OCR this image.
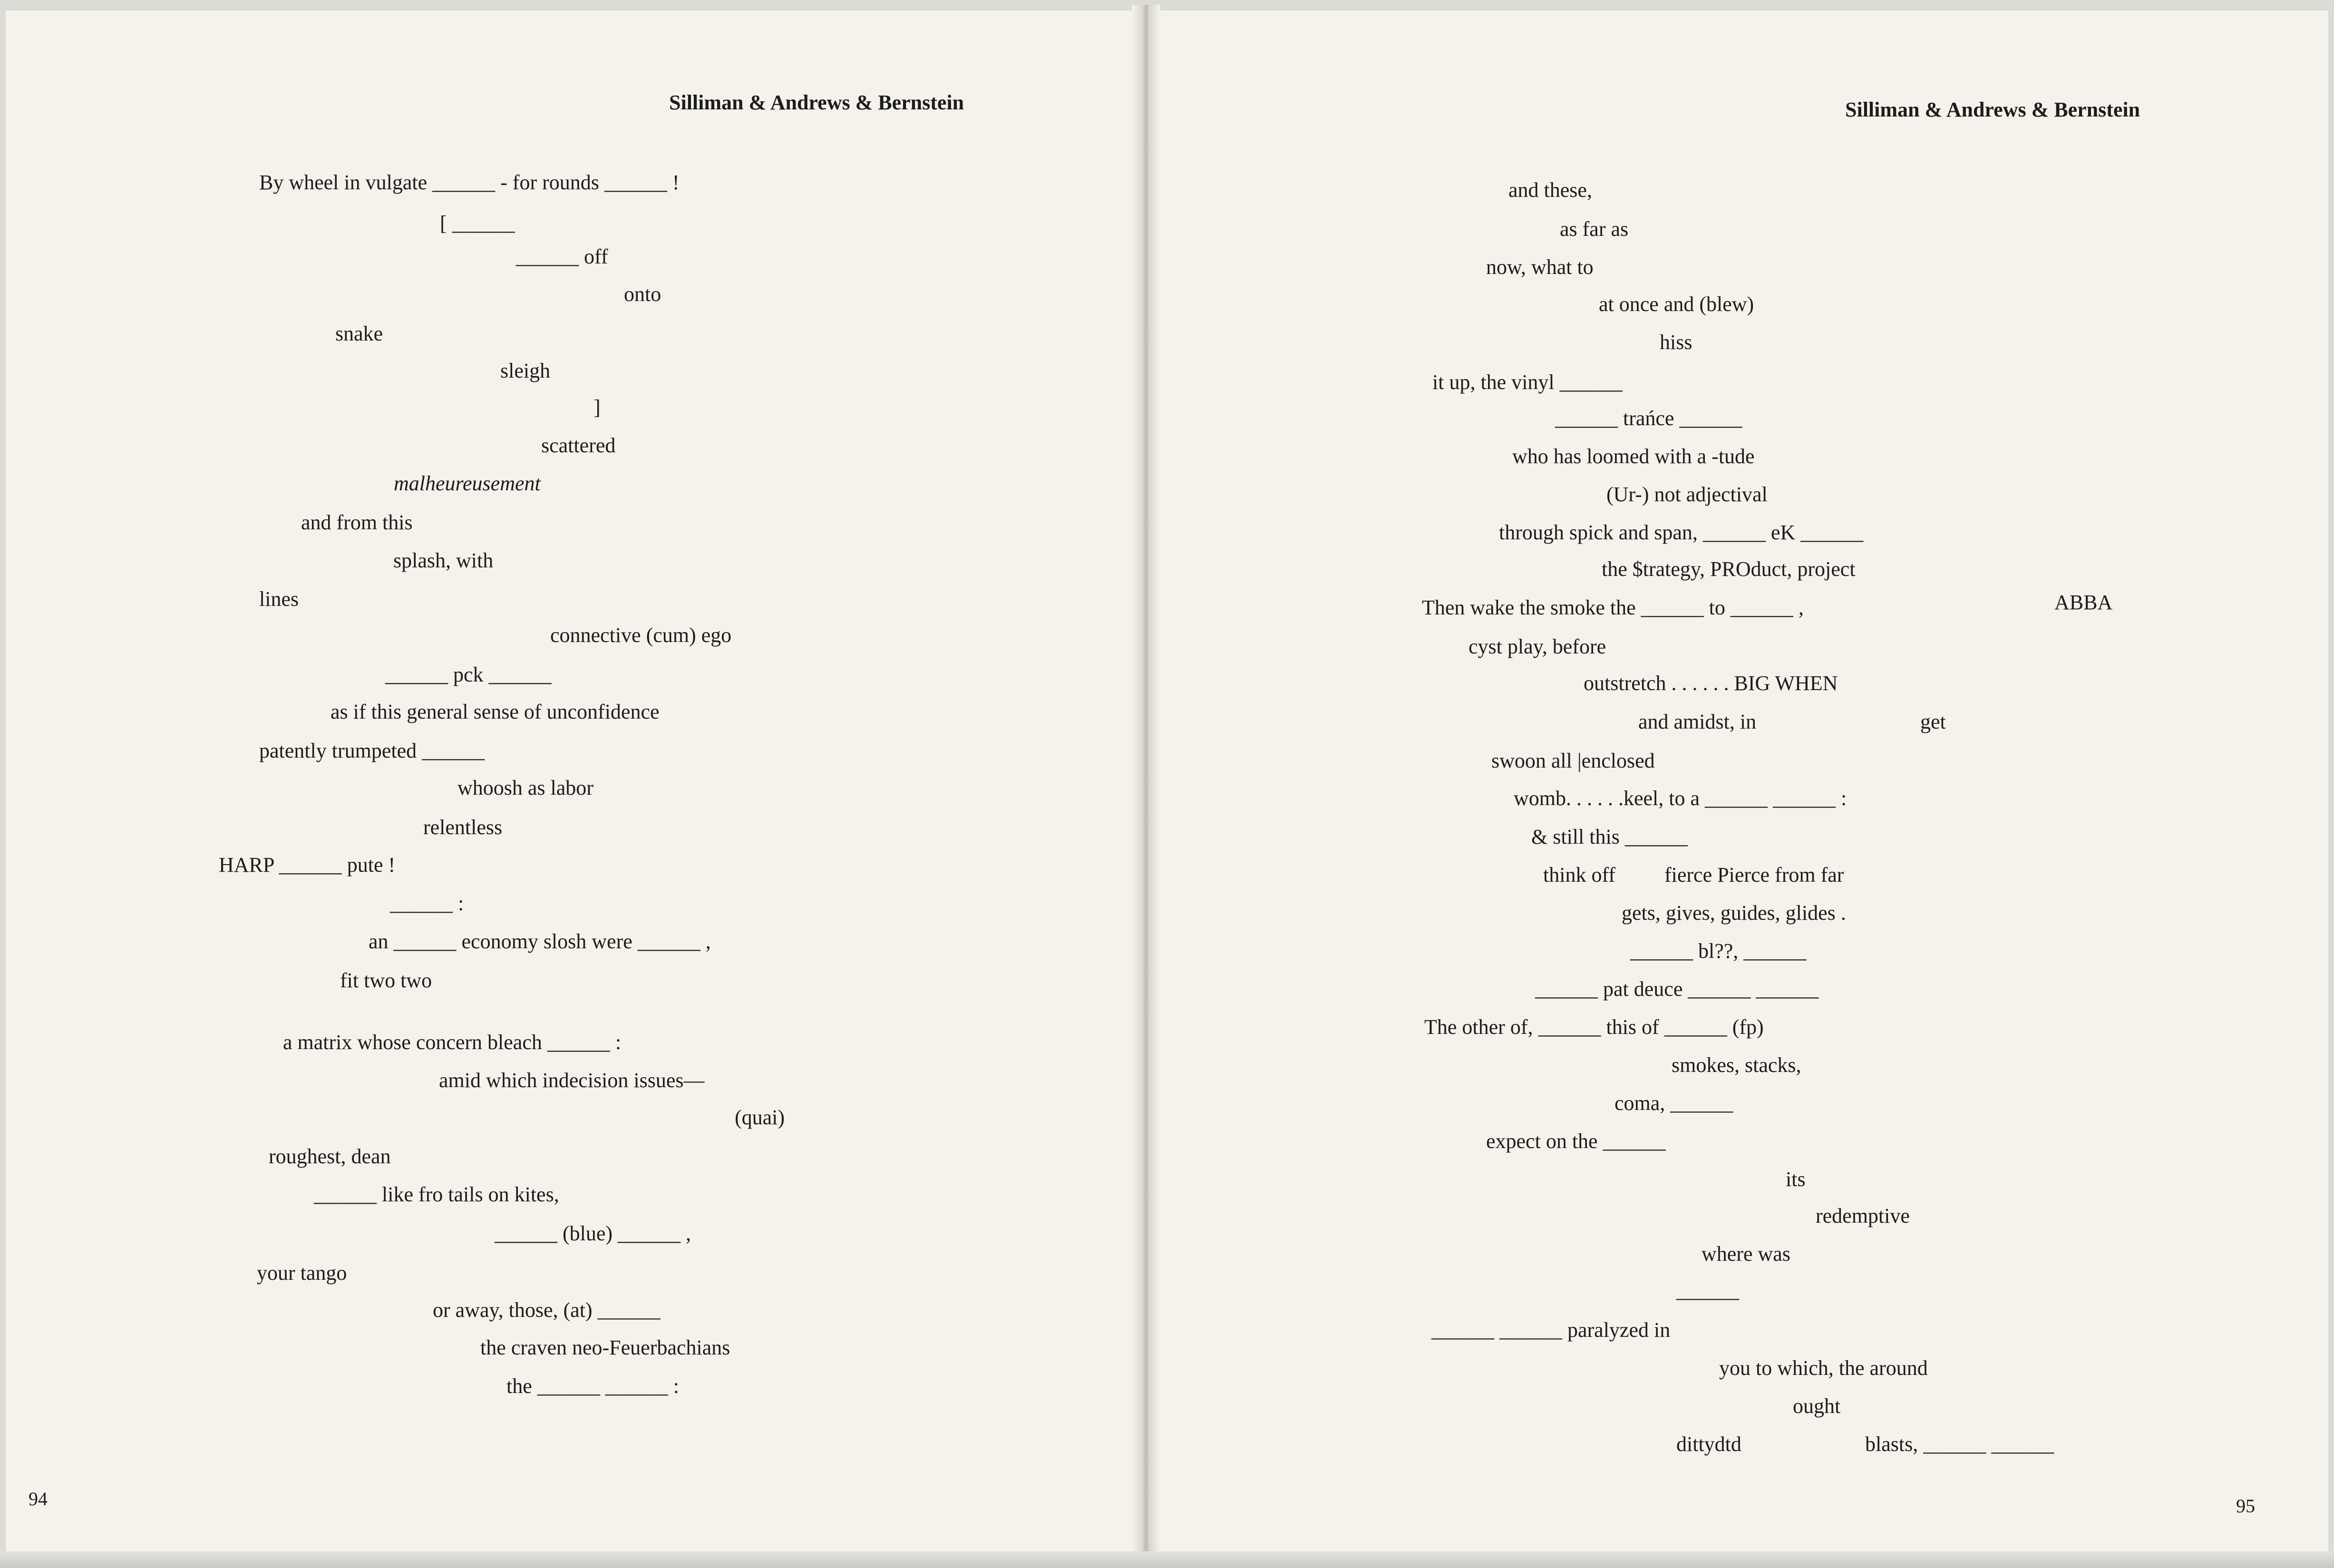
Silliman & Andrews & Bernstein	Silliman & Andrews & Bernstein
94	95
By wheel in vulgate ______ - for rounds ______ !
[ ______
______ off
onto
snake
sleigh
]
scattered
malheureusement
and from this
splash, with
lines
connective (cum) ego
______ pck ______
as if this general sense of unconfidence
patently trumpeted ______
whoosh as labor
relentless
HARP ______ pute !
______ :
an ______ economy slosh were ______ ,
fit two two
a matrix whose concern bleach ______ :
amid which indecision issues—
(quai)
roughest, dean
______ like fro tails on kites,
______ (blue) ______ ,
your tango
or away, those, (at) ______
the craven neo-Feuerbachians
the ______ ______ :
and these,
as far as
now, what to
at once and (blew)
hiss
it up, the vinyl ______
______ trańce ______
who has loomed with a -tude
(Ur-) not adjectival
through spick and span, ______ eK ______
the $trategy, PROduct, project
Then wake the smoke the ______ to ______ ,	ABBA
cyst play, before
outstretch . . . . . . BIG WHEN
and amidst, in	get
swoon all |enclosed
womb. . . . . .keel, to a ______ ______ :
& still this ______
think off fierce Pierce from far
gets, gives, guides, glides .
______ bl??, ______
______ pat deuce ______ ______
The other of, ______ this of ______ (fp)
smokes, stacks,
coma, ______
expect on the ______
its
redemptive
where was
______
______ ______ paralyzed in
you to which, the around
ought
dittydtd	blasts, ______ ______
